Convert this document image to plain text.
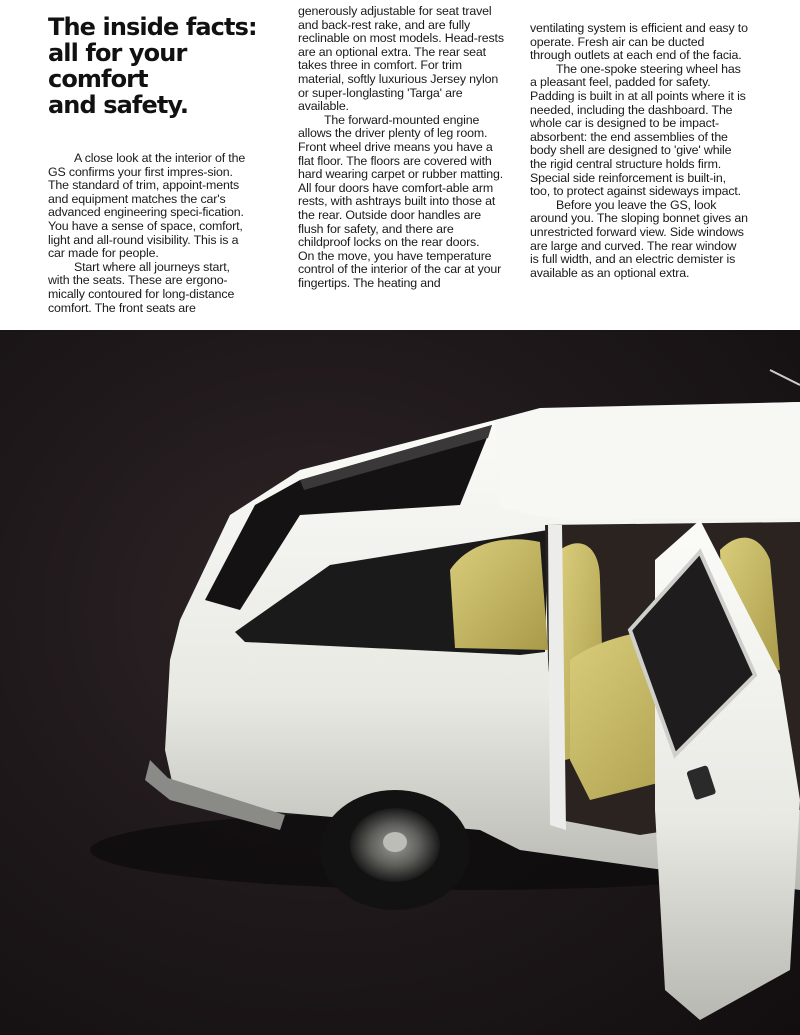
The inside facts:
all for your comfort
and safety.

A close look at the interior of the GS confirms your first impres-sion. The standard of trim, appoint-ments and equipment matches the car's advanced engineering speci-fication. You have a sense of space, comfort, light and all-round visibility. This is a car made for people.

Start where all journeys start, with the seats. These are ergono-mically contoured for long-distance comfort. The front seats are

generously adjustable for seat travel and back-rest rake, and are fully reclinable on most models. Head-rests are an optional extra. The rear seat takes three in comfort. For trim material, softly luxurious Jersey nylon or super-longlasting 'Targa' are available.

The forward-mounted engine allows the driver plenty of leg room. Front wheel drive means you have a flat floor. The floors are covered with hard wearing carpet or rubber matting. All four doors have comfort-able arm rests, with ashtrays built into those at the rear. Outside door handles are flush for safety, and there are childproof locks on the rear doors.

On the move, you have temperature control of the interior of the car at your fingertips. The heating and

ventilating system is efficient and easy to operate. Fresh air can be ducted through outlets at each end of the facia.

The one-spoke steering wheel has a pleasant feel, padded for safety. Padding is built in at all points where it is needed, including the dashboard. The whole car is designed to be impact-absorbent: the end assemblies of the body shell are designed to 'give' while the rigid central structure holds firm. Special side reinforcement is built-in, too, to protect against sideways impact.

Before you leave the GS, look around you. The sloping bonnet gives an unrestricted forward view. Side windows are large and curved. The rear window is full width, and an electric demister is available as an optional extra.
